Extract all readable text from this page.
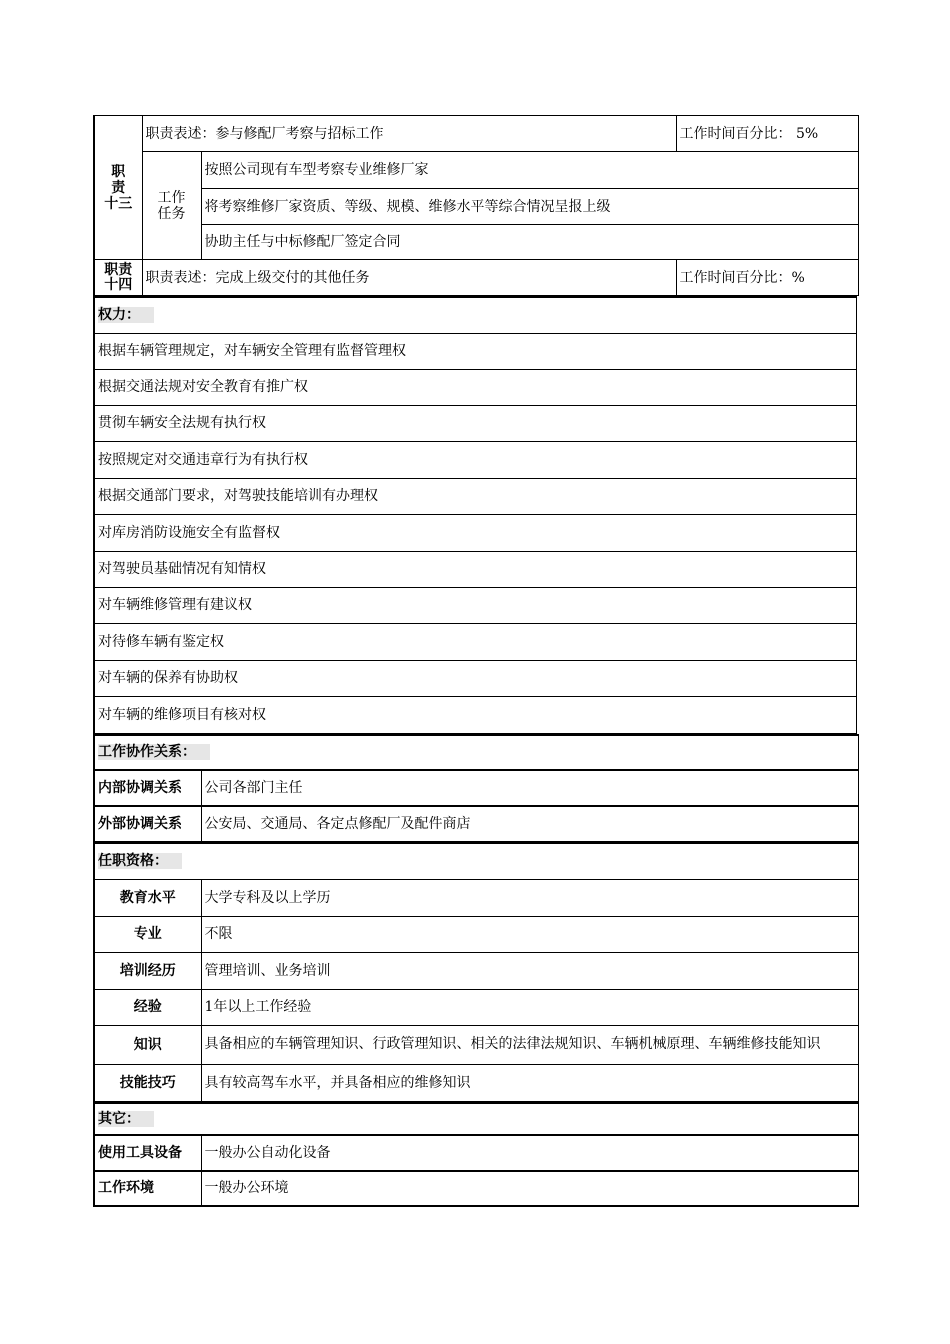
职
责
十三	职责表述：参与修配厂考察与招标工作		工作时间百分比： 5%

	工作
任务	按照公司现有车型考察专业维修厂家	
		将考察维修厂家资质、等级、规模、维修水平等综合情况呈报上级	
		协助主任与中标修配厂签定合同	

职责
十四	职责表述：完成上级交付的其他任务		工作时间百分比：%
权力：
根据车辆管理规定，对车辆安全管理有监督管理权
根据交通法规对安全教育有推广权
贯彻车辆安全法规有执行权
按照规定对交通违章行为有执行权
根据交通部门要求，对驾驶技能培训有办理权
对库房消防设施安全有监督权
对驾驶员基础情况有知情权
对车辆维修管理有建议权
对待修车辆有鉴定权
对车辆的保养有协助权
对车辆的维修项目有核对权
工作协作关系：	
内部协调关系	公司各部门主任
外部协调关系	公安局、交通局、各定点修配厂及配件商店
任职资格：	
教育水平	大学专科及以上学历
专业	不限
培训经历	管理培训、业务培训
经验	1年以上工作经验
知识	具备相应的车辆管理知识、行政管理知识、相关的法律法规知识、车辆机械原理、车辆维修技能知识
技能技巧	具有较高驾车水平，并具备相应的维修知识
其它：	
使用工具设备	一般办公自动化设备
工作环境	一般办公环境
